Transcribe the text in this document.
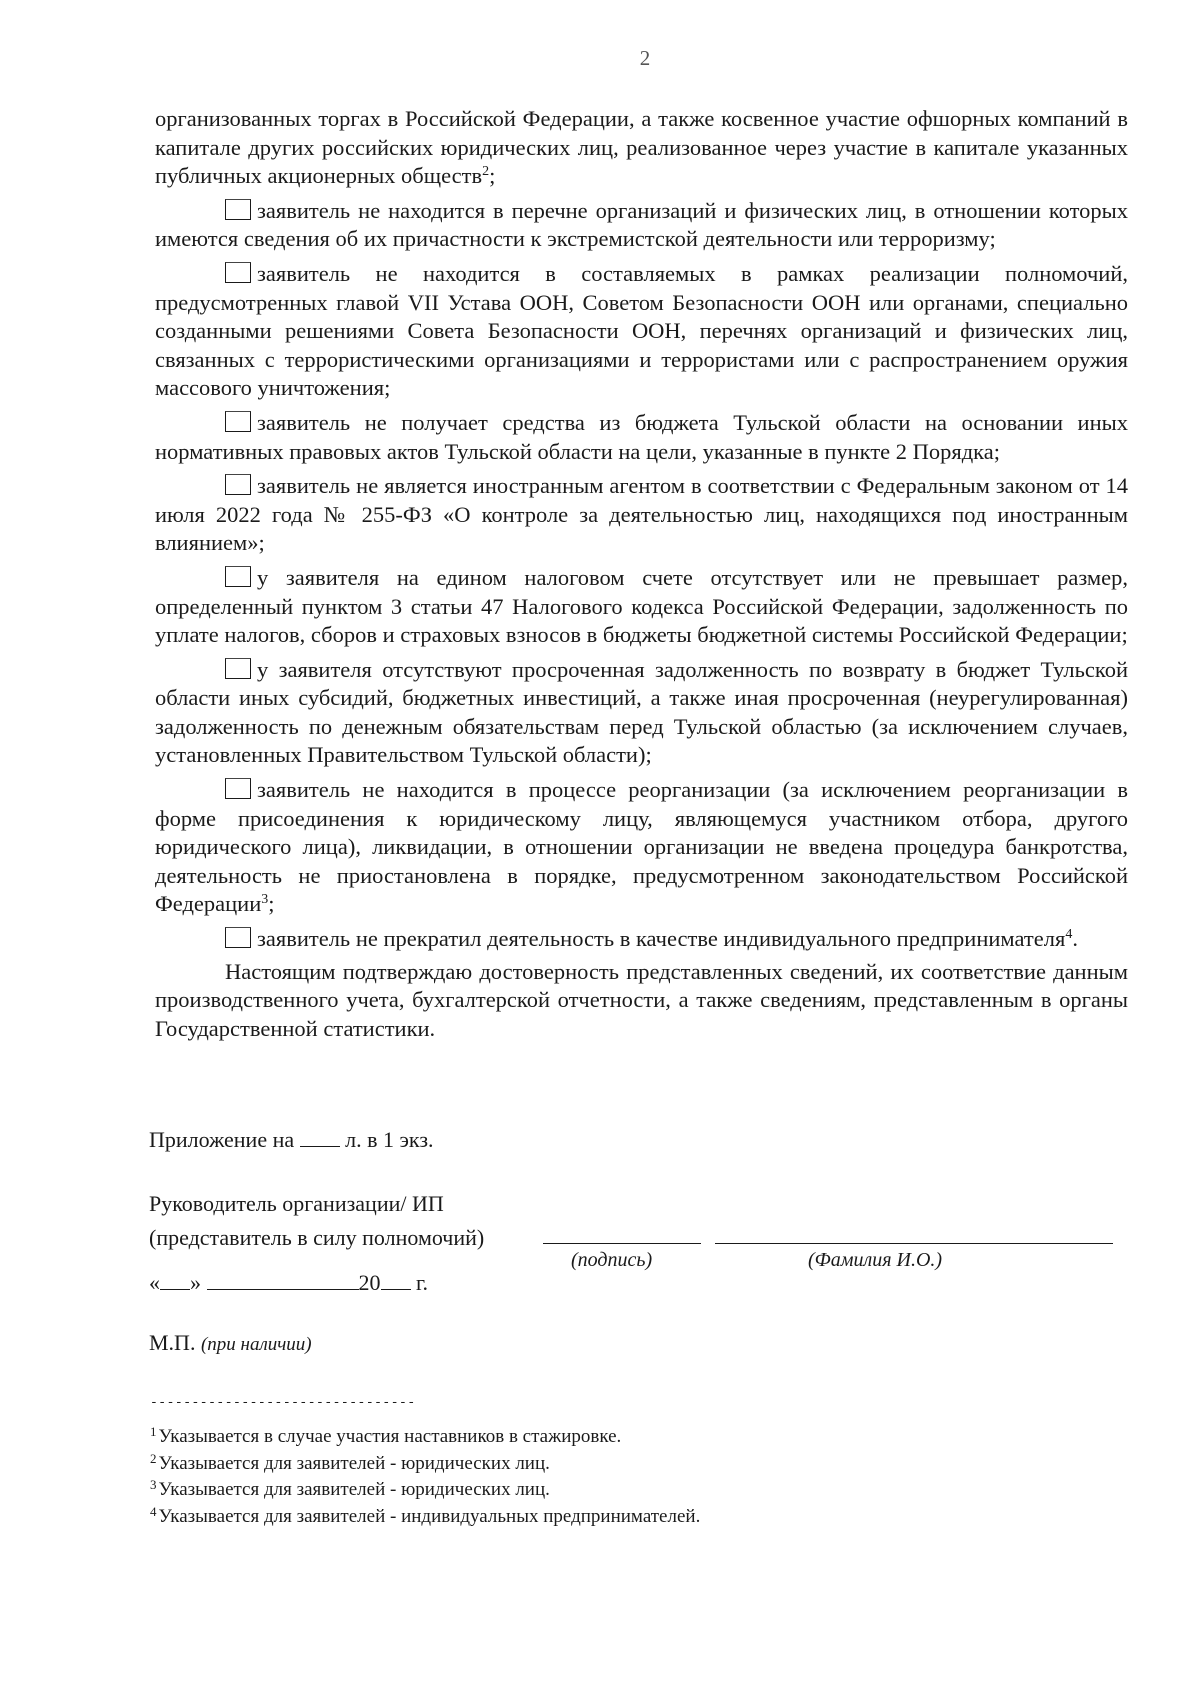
2

организованных торгах в Российской Федерации, а также косвенное участие офшорных компаний в капитале других российских юридических лиц, реализованное через участие в капитале указанных публичных акционерных обществ$^2$;

заявитель не находится в перечне организаций и физических лиц, в отношении которых имеются сведения об их причастности к экстремистской деятельности или терроризму;

заявитель не находится в составляемых в рамках реализации полномочий, предусмотренных главой VII Устава ООН, Советом Безопасности ООН или органами, специально созданными решениями Совета Безопасности ООН, перечнях организаций и физических лиц, связанных с террористическими организациями и террористами или с распространением оружия массового уничтожения;

заявитель не получает средства из бюджета Тульской области на основании иных нормативных правовых актов Тульской области на цели, указанные в пункте 2 Порядка;

заявитель не является иностранным агентом в соответствии с Федеральным законом от 14 июля 2022 года № 255-ФЗ «О контроле за деятельностью лиц, находящихся под иностранным влиянием»;

у заявителя на едином налоговом счете отсутствует или не превышает размер, определенный пунктом 3 статьи 47 Налогового кодекса Российской Федерации, задолженность по уплате налогов, сборов и страховых взносов в бюджеты бюджетной системы Российской Федерации;

у заявителя отсутствуют просроченная задолженность по возврату в бюджет Тульской области иных субсидий, бюджетных инвестиций, а также иная просроченная (неурегулированная) задолженность по денежным обязательствам перед Тульской областью (за исключением случаев, установленных Правительством Тульской области);

заявитель не находится в процессе реорганизации (за исключением реорганизации в форме присоединения к юридическому лицу, являющемуся участником отбора, другого юридического лица), ликвидации, в отношении организации не введена процедура банкротства, деятельность не приостановлена в порядке, предусмотренном законодательством Российской Федерации$^3$;

заявитель не прекратил деятельность в качестве индивидуального предпринимателя$^4$.

Настоящим подтверждаю достоверность представленных сведений, их соответствие данным производственного учета, бухгалтерской отчетности, а также сведениям, представленным в органы Государственной статистики.

Приложение на л. в 1 экз.
Руководитель организации/ ИП
(представитель в силу полномочий)
(подпись)	(Фамилия И.О.)
« »	20 г.
М.П. (при наличии)
--------------------------------
$^1$ Указывается в случае участия наставников в стажировке.
$^2$ Указывается для заявителей - юридических лиц.
$^3$ Указывается для заявителей - юридических лиц.
$^4$ Указывается для заявителей - индивидуальных предпринимателей.
